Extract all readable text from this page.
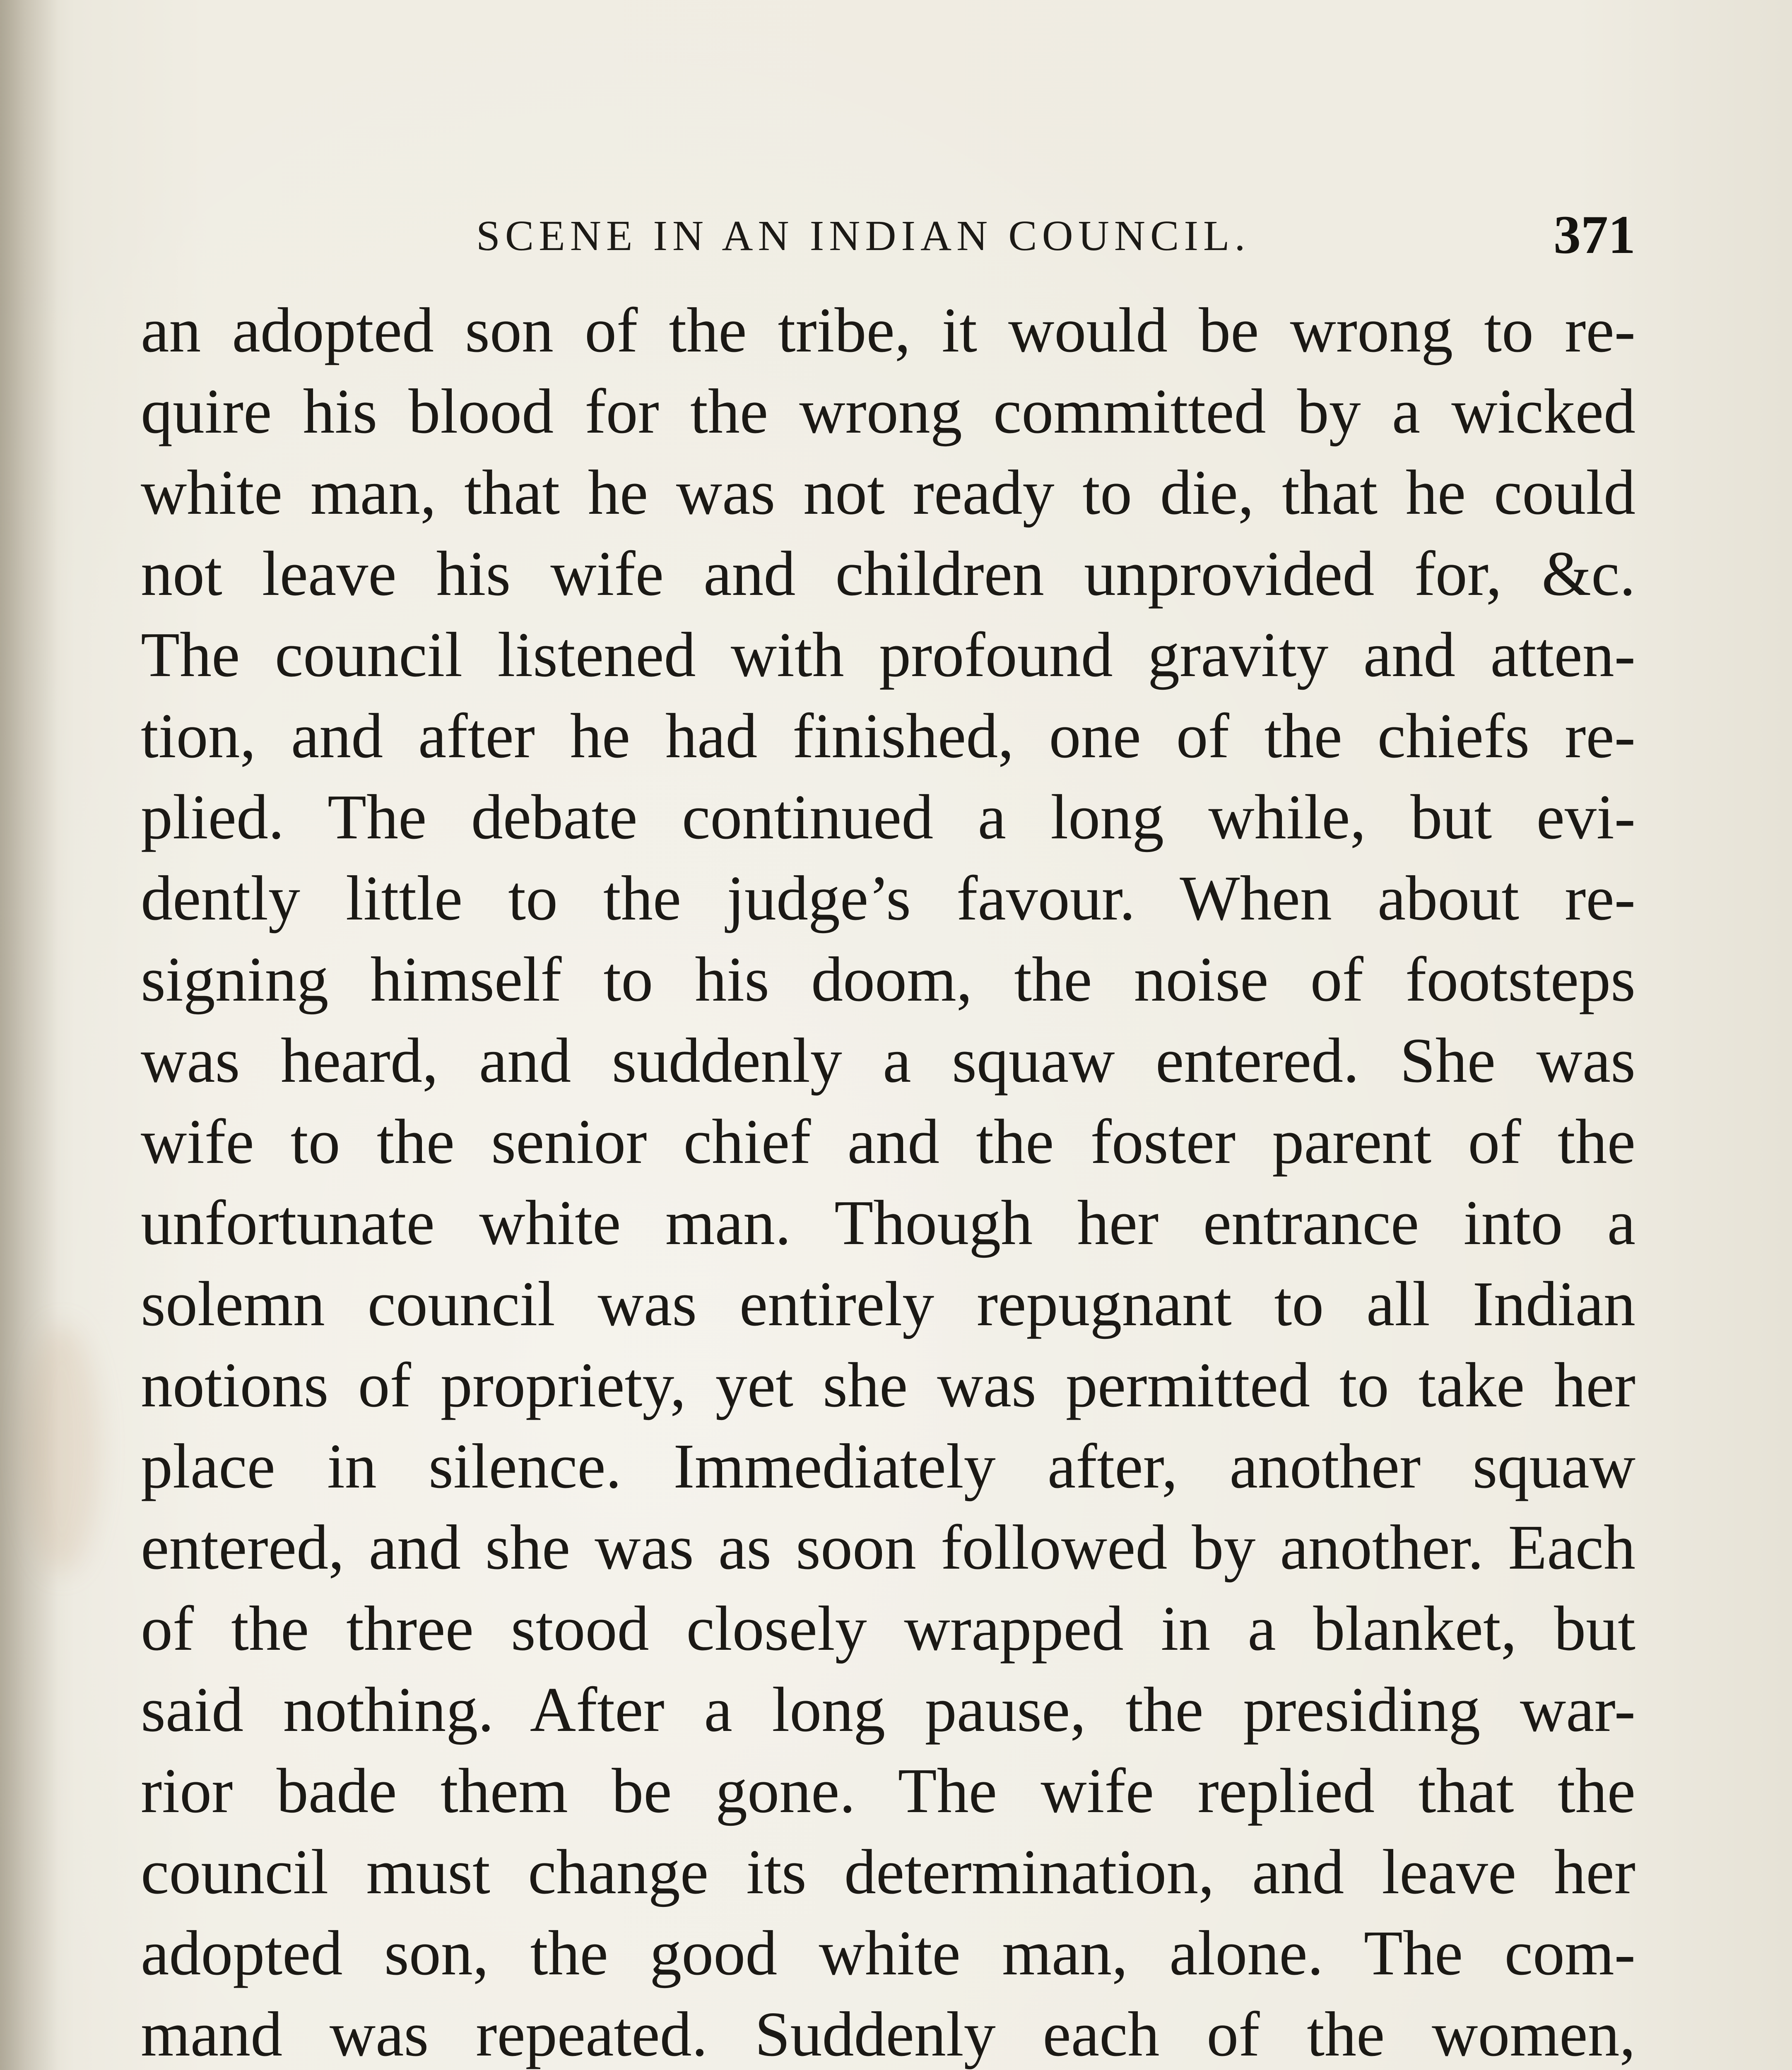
SCENE IN AN INDIAN COUNCIL.	371
an adopted son of the tribe, it would be wrong to re-
quire his blood for the wrong committed by a wicked
white man, that he was not ready to die, that he could
not leave his wife and children unprovided for, &c.
The council listened with profound gravity and atten-
tion, and after he had finished, one of the chiefs re-
plied. The debate continued a long while, but evi-
dently little to the judge’s favour. When about re-
signing himself to his doom, the noise of footsteps
was heard, and suddenly a squaw entered. She was
wife to the senior chief and the foster parent of the
unfortunate white man. Though her entrance into a
solemn council was entirely repugnant to all Indian
notions of propriety, yet she was permitted to take her
place in silence. Immediately after, another squaw
entered, and she was as soon followed by another. Each
of the three stood closely wrapped in a blanket, but
said nothing. After a long pause, the presiding war-
rior bade them be gone. The wife replied that the
council must change its determination, and leave her
adopted son, the good white man, alone. The com-
mand was repeated. Suddenly each of the women,
